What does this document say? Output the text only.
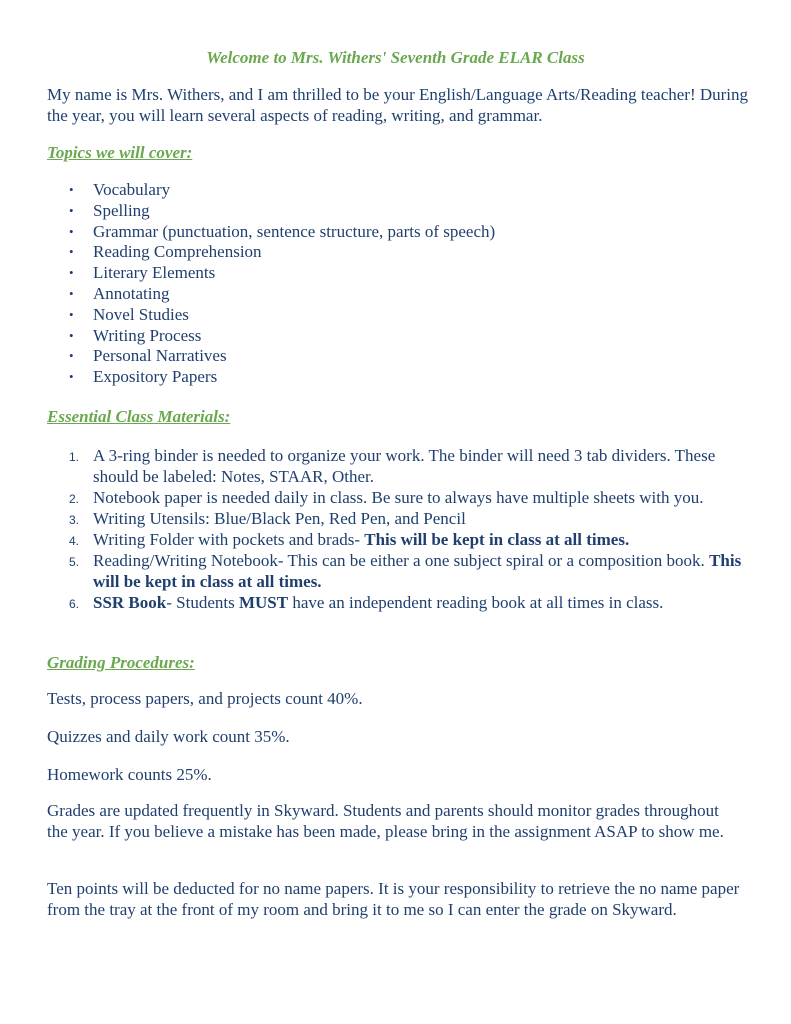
Welcome to Mrs. Withers' Seventh Grade ELAR Class
My name is Mrs. Withers, and I am thrilled to be your English/Language Arts/Reading teacher! During the year, you will learn several aspects of reading, writing, and grammar.
Topics we will cover:
• Vocabulary
• Spelling
• Grammar (punctuation, sentence structure, parts of speech)
• Reading Comprehension
• Literary Elements
• Annotating
• Novel Studies
• Writing Process
• Personal Narratives
• Expository Papers
Essential Class Materials:
1. A 3-ring binder is needed to organize your work. The binder will need 3 tab dividers. These should be labeled: Notes, STAAR, Other.
2. Notebook paper is needed daily in class. Be sure to always have multiple sheets with you.
3. Writing Utensils: Blue/Black Pen, Red Pen, and Pencil
4. Writing Folder with pockets and brads- This will be kept in class at all times.
5. Reading/Writing Notebook- This can be either a one subject spiral or a composition book. This will be kept in class at all times.
6. SSR Book- Students MUST have an independent reading book at all times in class.
Grading Procedures:
Tests, process papers, and projects count 40%.
Quizzes and daily work count 35%.
Homework counts 25%.
Grades are updated frequently in Skyward. Students and parents should monitor grades throughout the year. If you believe a mistake has been made, please bring in the assignment ASAP to show me.
Ten points will be deducted for no name papers. It is your responsibility to retrieve the no name paper from the tray at the front of my room and bring it to me so I can enter the grade on Skyward.
